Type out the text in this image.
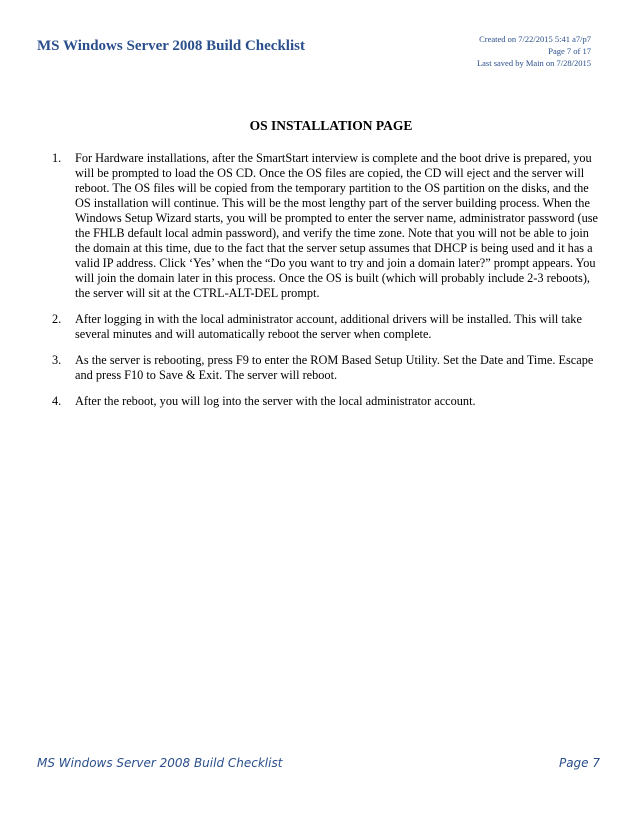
MS Windows Server 2008 Build Checklist	Created on 7/22/2015 5:41 a7/p7
Page 7 of 17
Last saved by Main on 7/28/2015
OS INSTALLATION PAGE
1. For Hardware installations, after the SmartStart interview is complete and the boot drive is prepared, you will be prompted to load the OS CD. Once the OS files are copied, the CD will eject and the server will reboot. The OS files will be copied from the temporary partition to the OS partition on the disks, and the OS installation will continue. This will be the most lengthy part of the server building process. When the Windows Setup Wizard starts, you will be prompted to enter the server name, administrator password (use the FHLB default local admin password), and verify the time zone. Note that you will not be able to join the domain at this time, due to the fact that the server setup assumes that DHCP is being used and it has a valid IP address. Click ‘Yes’ when the “Do you want to try and join a domain later?” prompt appears. You will join the domain later in this process. Once the OS is built (which will probably include 2-3 reboots), the server will sit at the CTRL-ALT-DEL prompt.
2. After logging in with the local administrator account, additional drivers will be installed. This will take several minutes and will automatically reboot the server when complete.
3. As the server is rebooting, press F9 to enter the ROM Based Setup Utility. Set the Date and Time. Escape and press F10 to Save & Exit. The server will reboot.
4. After the reboot, you will log into the server with the local administrator account.
MS Windows Server 2008 Build Checklist	Page 7
